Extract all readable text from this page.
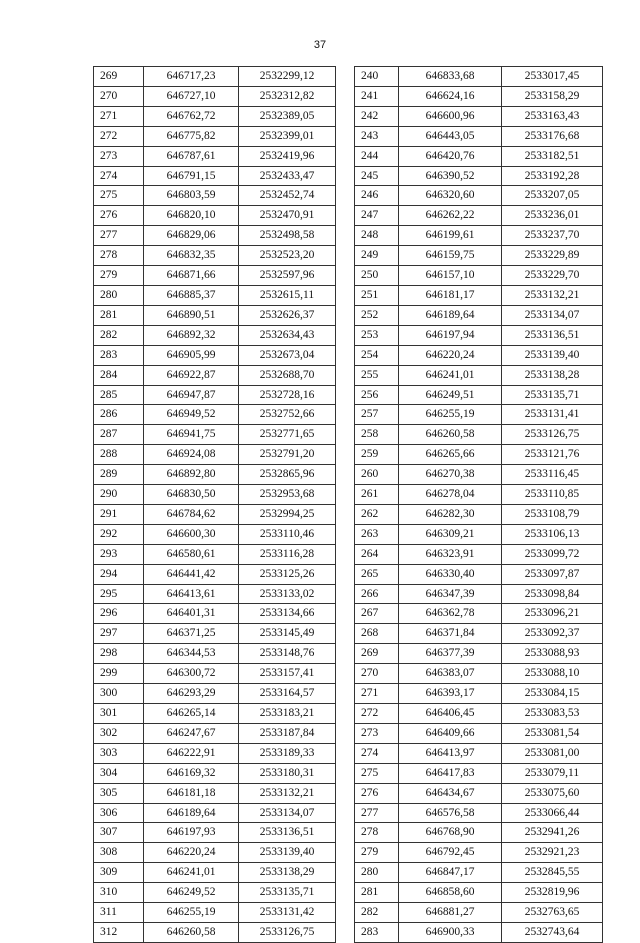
37
269	646717,23	2532299,12
270	646727,10	2532312,82
271	646762,72	2532389,05
272	646775,82	2532399,01
273	646787,61	2532419,96
274	646791,15	2532433,47
275	646803,59	2532452,74
276	646820,10	2532470,91
277	646829,06	2532498,58
278	646832,35	2532523,20
279	646871,66	2532597,96
280	646885,37	2532615,11
281	646890,51	2532626,37
282	646892,32	2532634,43
283	646905,99	2532673,04
284	646922,87	2532688,70
285	646947,87	2532728,16
286	646949,52	2532752,66
287	646941,75	2532771,65
288	646924,08	2532791,20
289	646892,80	2532865,96
290	646830,50	2532953,68
291	646784,62	2532994,25
292	646600,30	2533110,46
293	646580,61	2533116,28
294	646441,42	2533125,26
295	646413,61	2533133,02
296	646401,31	2533134,66
297	646371,25	2533145,49
298	646344,53	2533148,76
299	646300,72	2533157,41
300	646293,29	2533164,57
301	646265,14	2533183,21
302	646247,67	2533187,84
303	646222,91	2533189,33
304	646169,32	2533180,31
305	646181,18	2533132,21
306	646189,64	2533134,07
307	646197,93	2533136,51
308	646220,24	2533139,40
309	646241,01	2533138,29
310	646249,52	2533135,71
311	646255,19	2533131,42
312	646260,58	2533126,75
240	646833,68	2533017,45
241	646624,16	2533158,29
242	646600,96	2533163,43
243	646443,05	2533176,68
244	646420,76	2533182,51
245	646390,52	2533192,28
246	646320,60	2533207,05
247	646262,22	2533236,01
248	646199,61	2533237,70
249	646159,75	2533229,89
250	646157,10	2533229,70
251	646181,17	2533132,21
252	646189,64	2533134,07
253	646197,94	2533136,51
254	646220,24	2533139,40
255	646241,01	2533138,28
256	646249,51	2533135,71
257	646255,19	2533131,41
258	646260,58	2533126,75
259	646265,66	2533121,76
260	646270,38	2533116,45
261	646278,04	2533110,85
262	646282,30	2533108,79
263	646309,21	2533106,13
264	646323,91	2533099,72
265	646330,40	2533097,87
266	646347,39	2533098,84
267	646362,78	2533096,21
268	646371,84	2533092,37
269	646377,39	2533088,93
270	646383,07	2533088,10
271	646393,17	2533084,15
272	646406,45	2533083,53
273	646409,66	2533081,54
274	646413,97	2533081,00
275	646417,83	2533079,11
276	646434,67	2533075,60
277	646576,58	2533066,44
278	646768,90	2532941,26
279	646792,45	2532921,23
280	646847,17	2532845,55
281	646858,60	2532819,96
282	646881,27	2532763,65
283	646900,33	2532743,64
